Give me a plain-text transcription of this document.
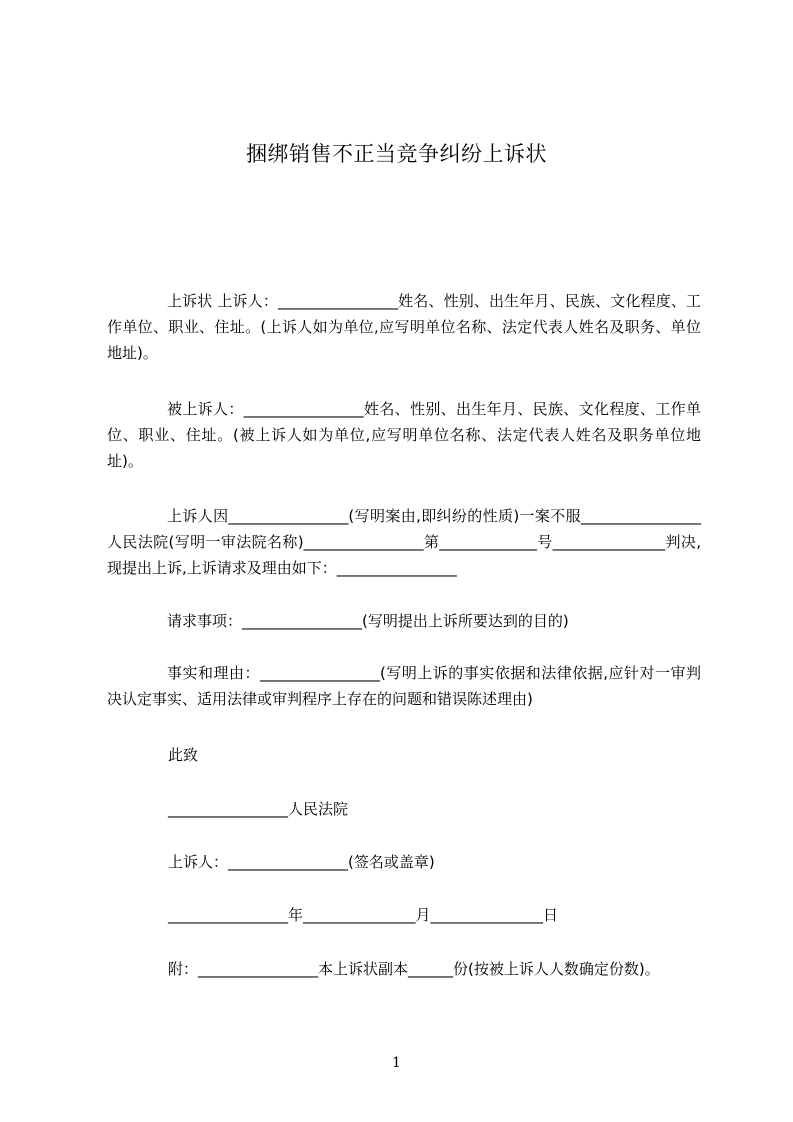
捆绑销售不正当竞争纠纷上诉状

上诉状 上诉人：________________姓名、性别、出生年月、民族、文化程度、工作单位、职业、住址。(上诉人如为单位,应写明单位名称、法定代表人姓名及职务、单位地址)。

被上诉人：________________姓名、性别、出生年月、民族、文化程度、工作单位、职业、住址。(被上诉人如为单位,应写明单位名称、法定代表人姓名及职务单位地址)。

上诉人因________________(写明案由,即纠纷的性质)一案不服________________人民法院(写明一审法院名称)________________第_____________号_______________判决,现提出上诉,上诉请求及理由如下：________________

请求事项：________________(写明提出上诉所要达到的目的)

事实和理由：________________(写明上诉的事实依据和法律依据,应针对一审判决认定事实、适用法律或审判程序上存在的问题和错误陈述理由)

此致

________________人民法院

上诉人：________________(签名或盖章)

________________年_______________月_______________日

附：________________本上诉状副本______份(按被上诉人人数确定份数)。

1
